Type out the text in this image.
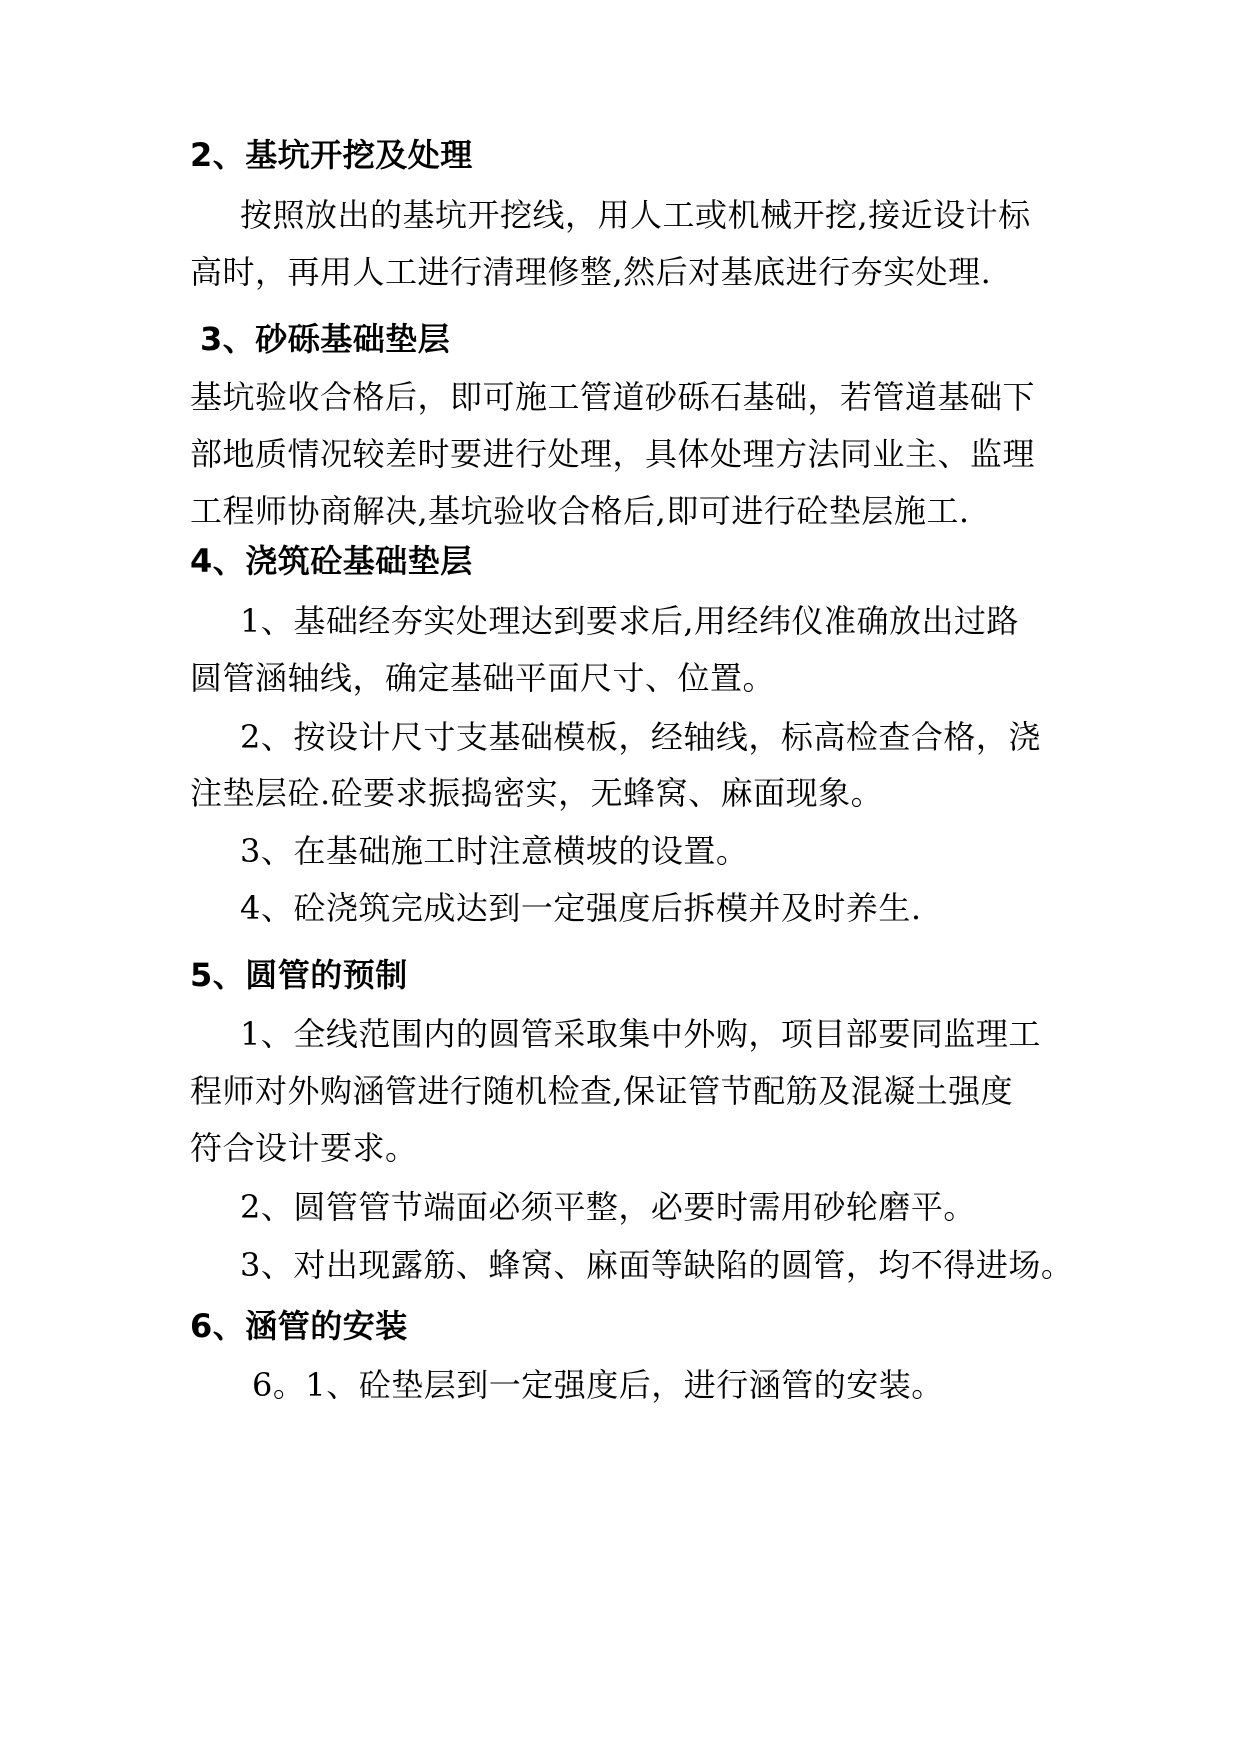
2、基坑开挖及处理
按照放出的基坑开挖线，用人工或机械开挖,接近设计标
高时，再用人工进行清理修整,然后对基底进行夯实处理.
3、砂砾基础垫层
基坑验收合格后，即可施工管道砂砾石基础，若管道基础下
部地质情况较差时要进行处理，具体处理方法同业主、监理
工程师协商解决,基坑验收合格后,即可进行砼垫层施工.
4、浇筑砼基础垫层
1、基础经夯实处理达到要求后,用经纬仪准确放出过路
圆管涵轴线，确定基础平面尺寸、位置。
2、按设计尺寸支基础模板，经轴线，标高检查合格，浇
注垫层砼.砼要求振捣密实，无蜂窝、麻面现象。
3、在基础施工时注意横坡的设置。
4、砼浇筑完成达到一定强度后拆模并及时养生.
5、圆管的预制
1、全线范围内的圆管采取集中外购，项目部要同监理工
程师对外购涵管进行随机检查,保证管节配筋及混凝土强度
符合设计要求。
2、圆管管节端面必须平整，必要时需用砂轮磨平。
3、对出现露筋、蜂窝、麻面等缺陷的圆管，均不得进场。
6、涵管的安装
6。1、砼垫层到一定强度后，进行涵管的安装。
